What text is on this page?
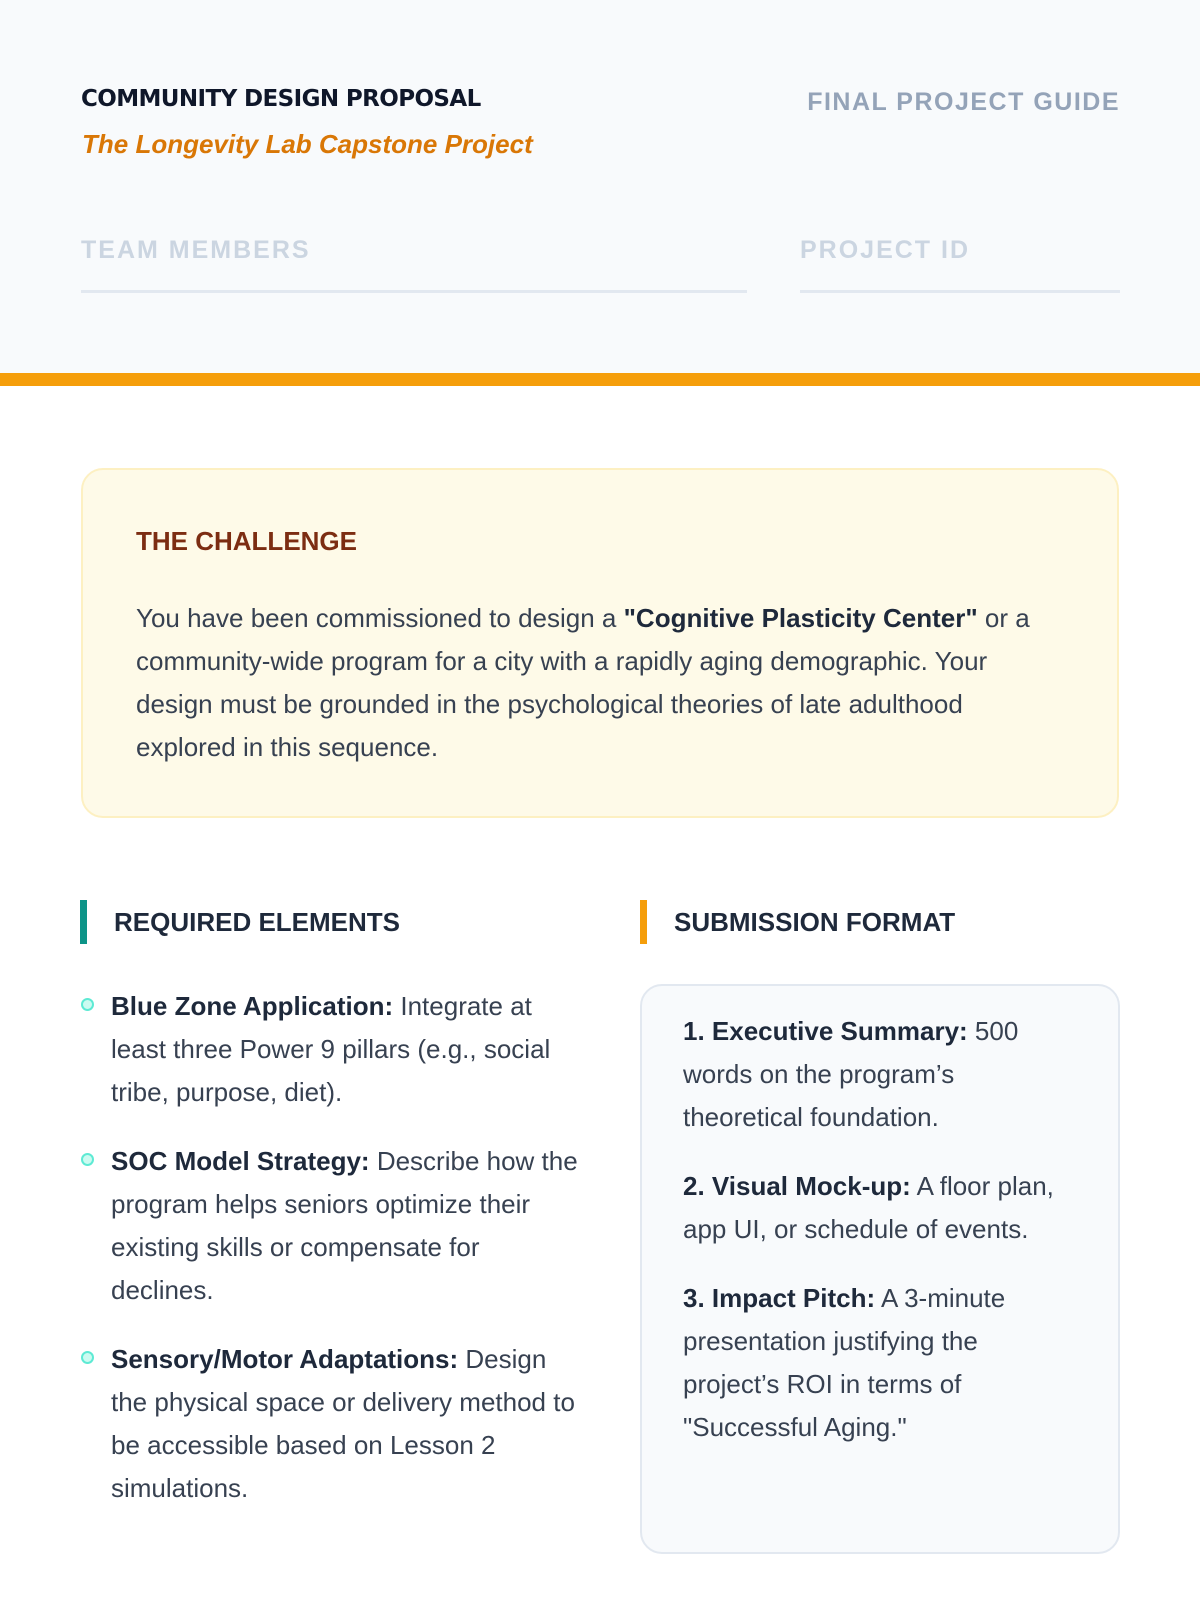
COMMUNITY DESIGN PROPOSAL

The Longevity Lab Capstone Project

FINAL PROJECT GUIDE
TEAM MEMBERS	PROJECT ID
THE CHALLENGE

You have been commissioned to design a "Cognitive Plasticity Center" or a community-wide program for a city with a rapidly aging demographic. Your design must be grounded in the psychological theories of late adulthood explored in this sequence.

REQUIRED ELEMENTS
Blue Zone Application: Integrate at least three Power 9 pillars (e.g., social tribe, purpose, diet).
SOC Model Strategy: Describe how the program helps seniors optimize their existing skills or compensate for declines.
Sensory/Motor Adaptations: Design the physical space or delivery method to be accessible based on Lesson 2 simulations.
SUBMISSION FORMAT
1. Executive Summary: 500 words on the program’s theoretical foundation.
2. Visual Mock-up: A floor plan, app UI, or schedule of events.
3. Impact Pitch: A 3-minute presentation justifying the project’s ROI in terms of "Successful Aging."
